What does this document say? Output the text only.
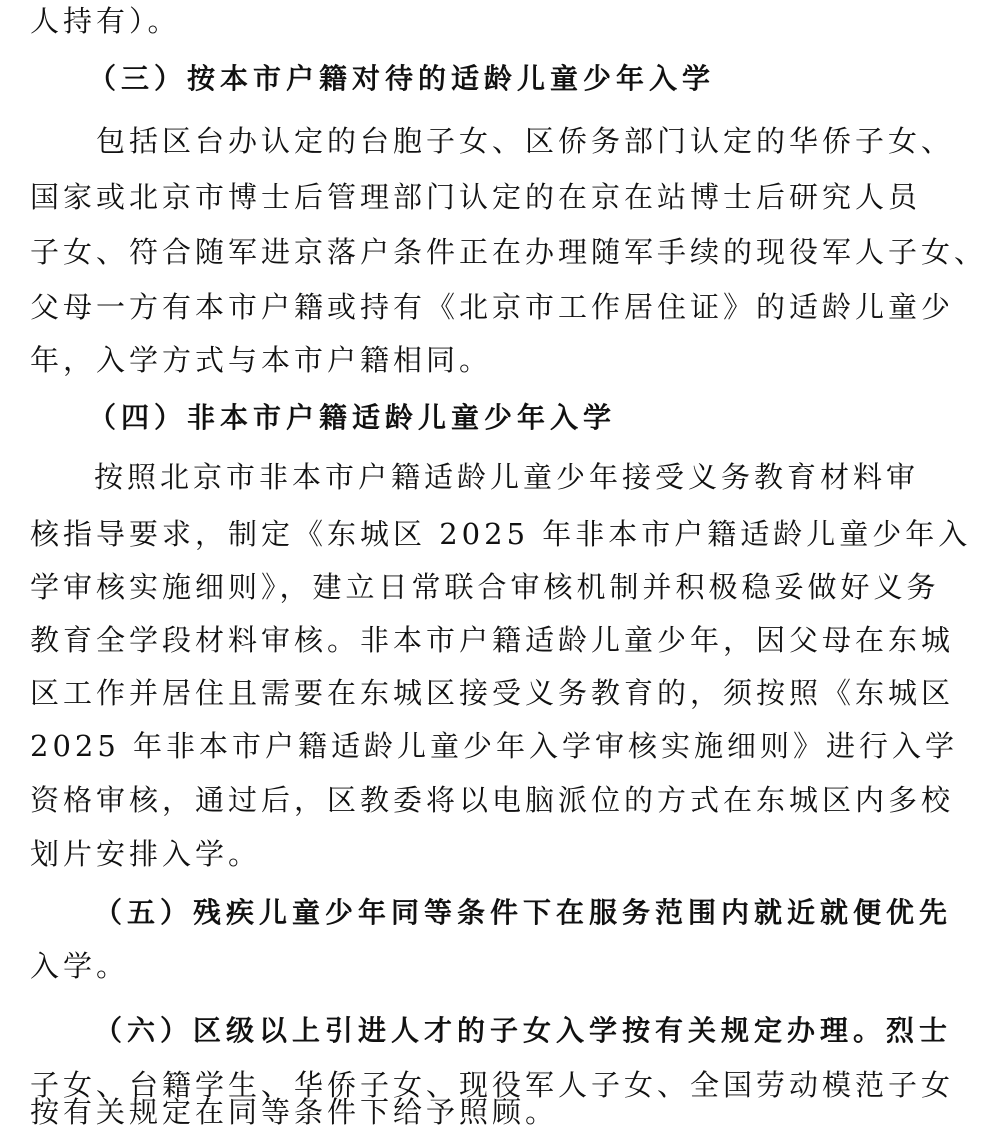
人持有）。
（三）按本市户籍对待的适龄儿童少年入学
包括区台办认定的台胞子女、区侨务部门认定的华侨子女、
国家或北京市博士后管理部门认定的在京在站博士后研究人员
子女、符合随军进京落户条件正在办理随军手续的现役军人子女、
父母一方有本市户籍或持有《北京市工作居住证》的适龄儿童少
年，入学方式与本市户籍相同。
（四）非本市户籍适龄儿童少年入学
按照北京市非本市户籍适龄儿童少年接受义务教育材料审
核指导要求，制定《东城区 2025 年非本市户籍适龄儿童少年入
学审核实施细则》，建立日常联合审核机制并积极稳妥做好义务
教育全学段材料审核。非本市户籍适龄儿童少年，因父母在东城
区工作并居住且需要在东城区接受义务教育的，须按照《东城区
2025 年非本市户籍适龄儿童少年入学审核实施细则》进行入学
资格审核，通过后，区教委将以电脑派位的方式在东城区内多校
划片安排入学。
（五）残疾儿童少年同等条件下在服务范围内就近就便优先
入学。
（六）区级以上引进人才的子女入学按有关规定办理。烈士
子女、台籍学生、华侨子女、现役军人子女、全国劳动模范子女
按有关规定在同等条件下给予照顾。
